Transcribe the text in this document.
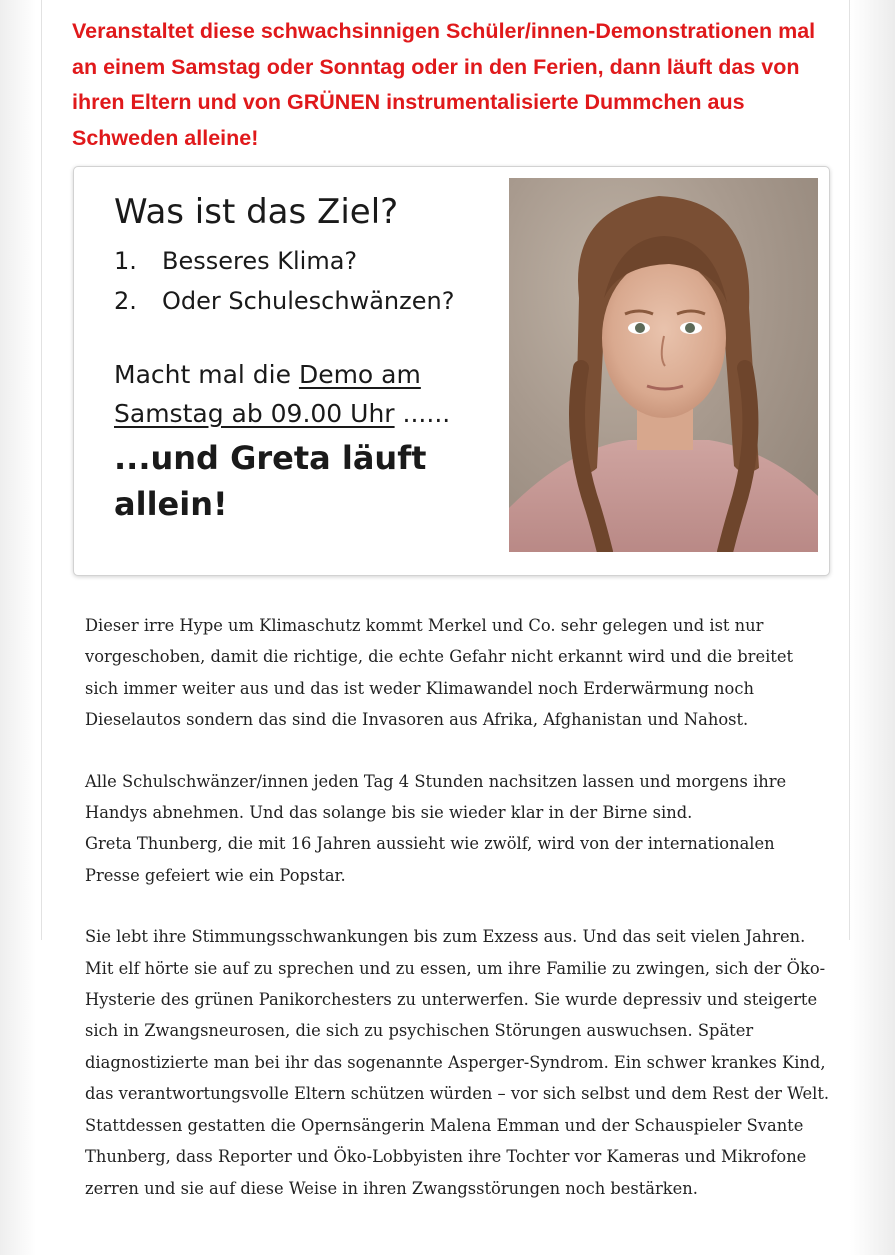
Veranstaltet diese schwachsinnigen Schüler/innen-Demonstrationen mal an einem Samstag oder Sonntag oder in den Ferien, dann läuft das von ihren Eltern und von GRÜNEN instrumentalisierte Dummchen aus Schweden alleine!

Was ist das Ziel?
1. Besseres Klima?
2. Oder Schuleschwänzen?

Macht mal die Demo am Samstag ab 09.00 Uhr ......

...und Greta läuft allein!

Dieser irre Hype um Klimaschutz kommt Merkel und Co. sehr gelegen und ist nur vorgeschoben, damit die richtige, die echte Gefahr nicht erkannt wird und die breitet sich immer weiter aus und das ist weder Klimawandel noch Erderwärmung noch Dieselautos sondern das sind die Invasoren aus Afrika, Afghanistan und Nahost.

Alle Schulschwänzer/innen jeden Tag 4 Stunden nachsitzen lassen und morgens ihre Handys abnehmen. Und das solange bis sie wieder klar in der Birne sind.

Greta Thunberg, die mit 16 Jahren aussieht wie zwölf, wird von der internationalen Presse gefeiert wie ein Popstar.

Sie lebt ihre Stimmungsschwankungen bis zum Exzess aus. Und das seit vielen Jahren. Mit elf hörte sie auf zu sprechen und zu essen, um ihre Familie zu zwingen, sich der Öko-Hysterie des grünen Panikorchesters zu unterwerfen. Sie wurde depressiv und steigerte sich in Zwangsneurosen, die sich zu psychischen Störungen auswuchsen. Später diagnostizierte man bei ihr das sogenannte Asperger-Syndrom. Ein schwer krankes Kind, das verantwortungsvolle Eltern schützen würden – vor sich selbst und dem Rest der Welt. Stattdessen gestatten die Opernsängerin Malena Emman und der Schauspieler Svante Thunberg, dass Reporter und Öko-Lobbyisten ihre Tochter vor Kameras und Mikrofone zerren und sie auf diese Weise in ihren Zwangsstörungen noch bestärken.
